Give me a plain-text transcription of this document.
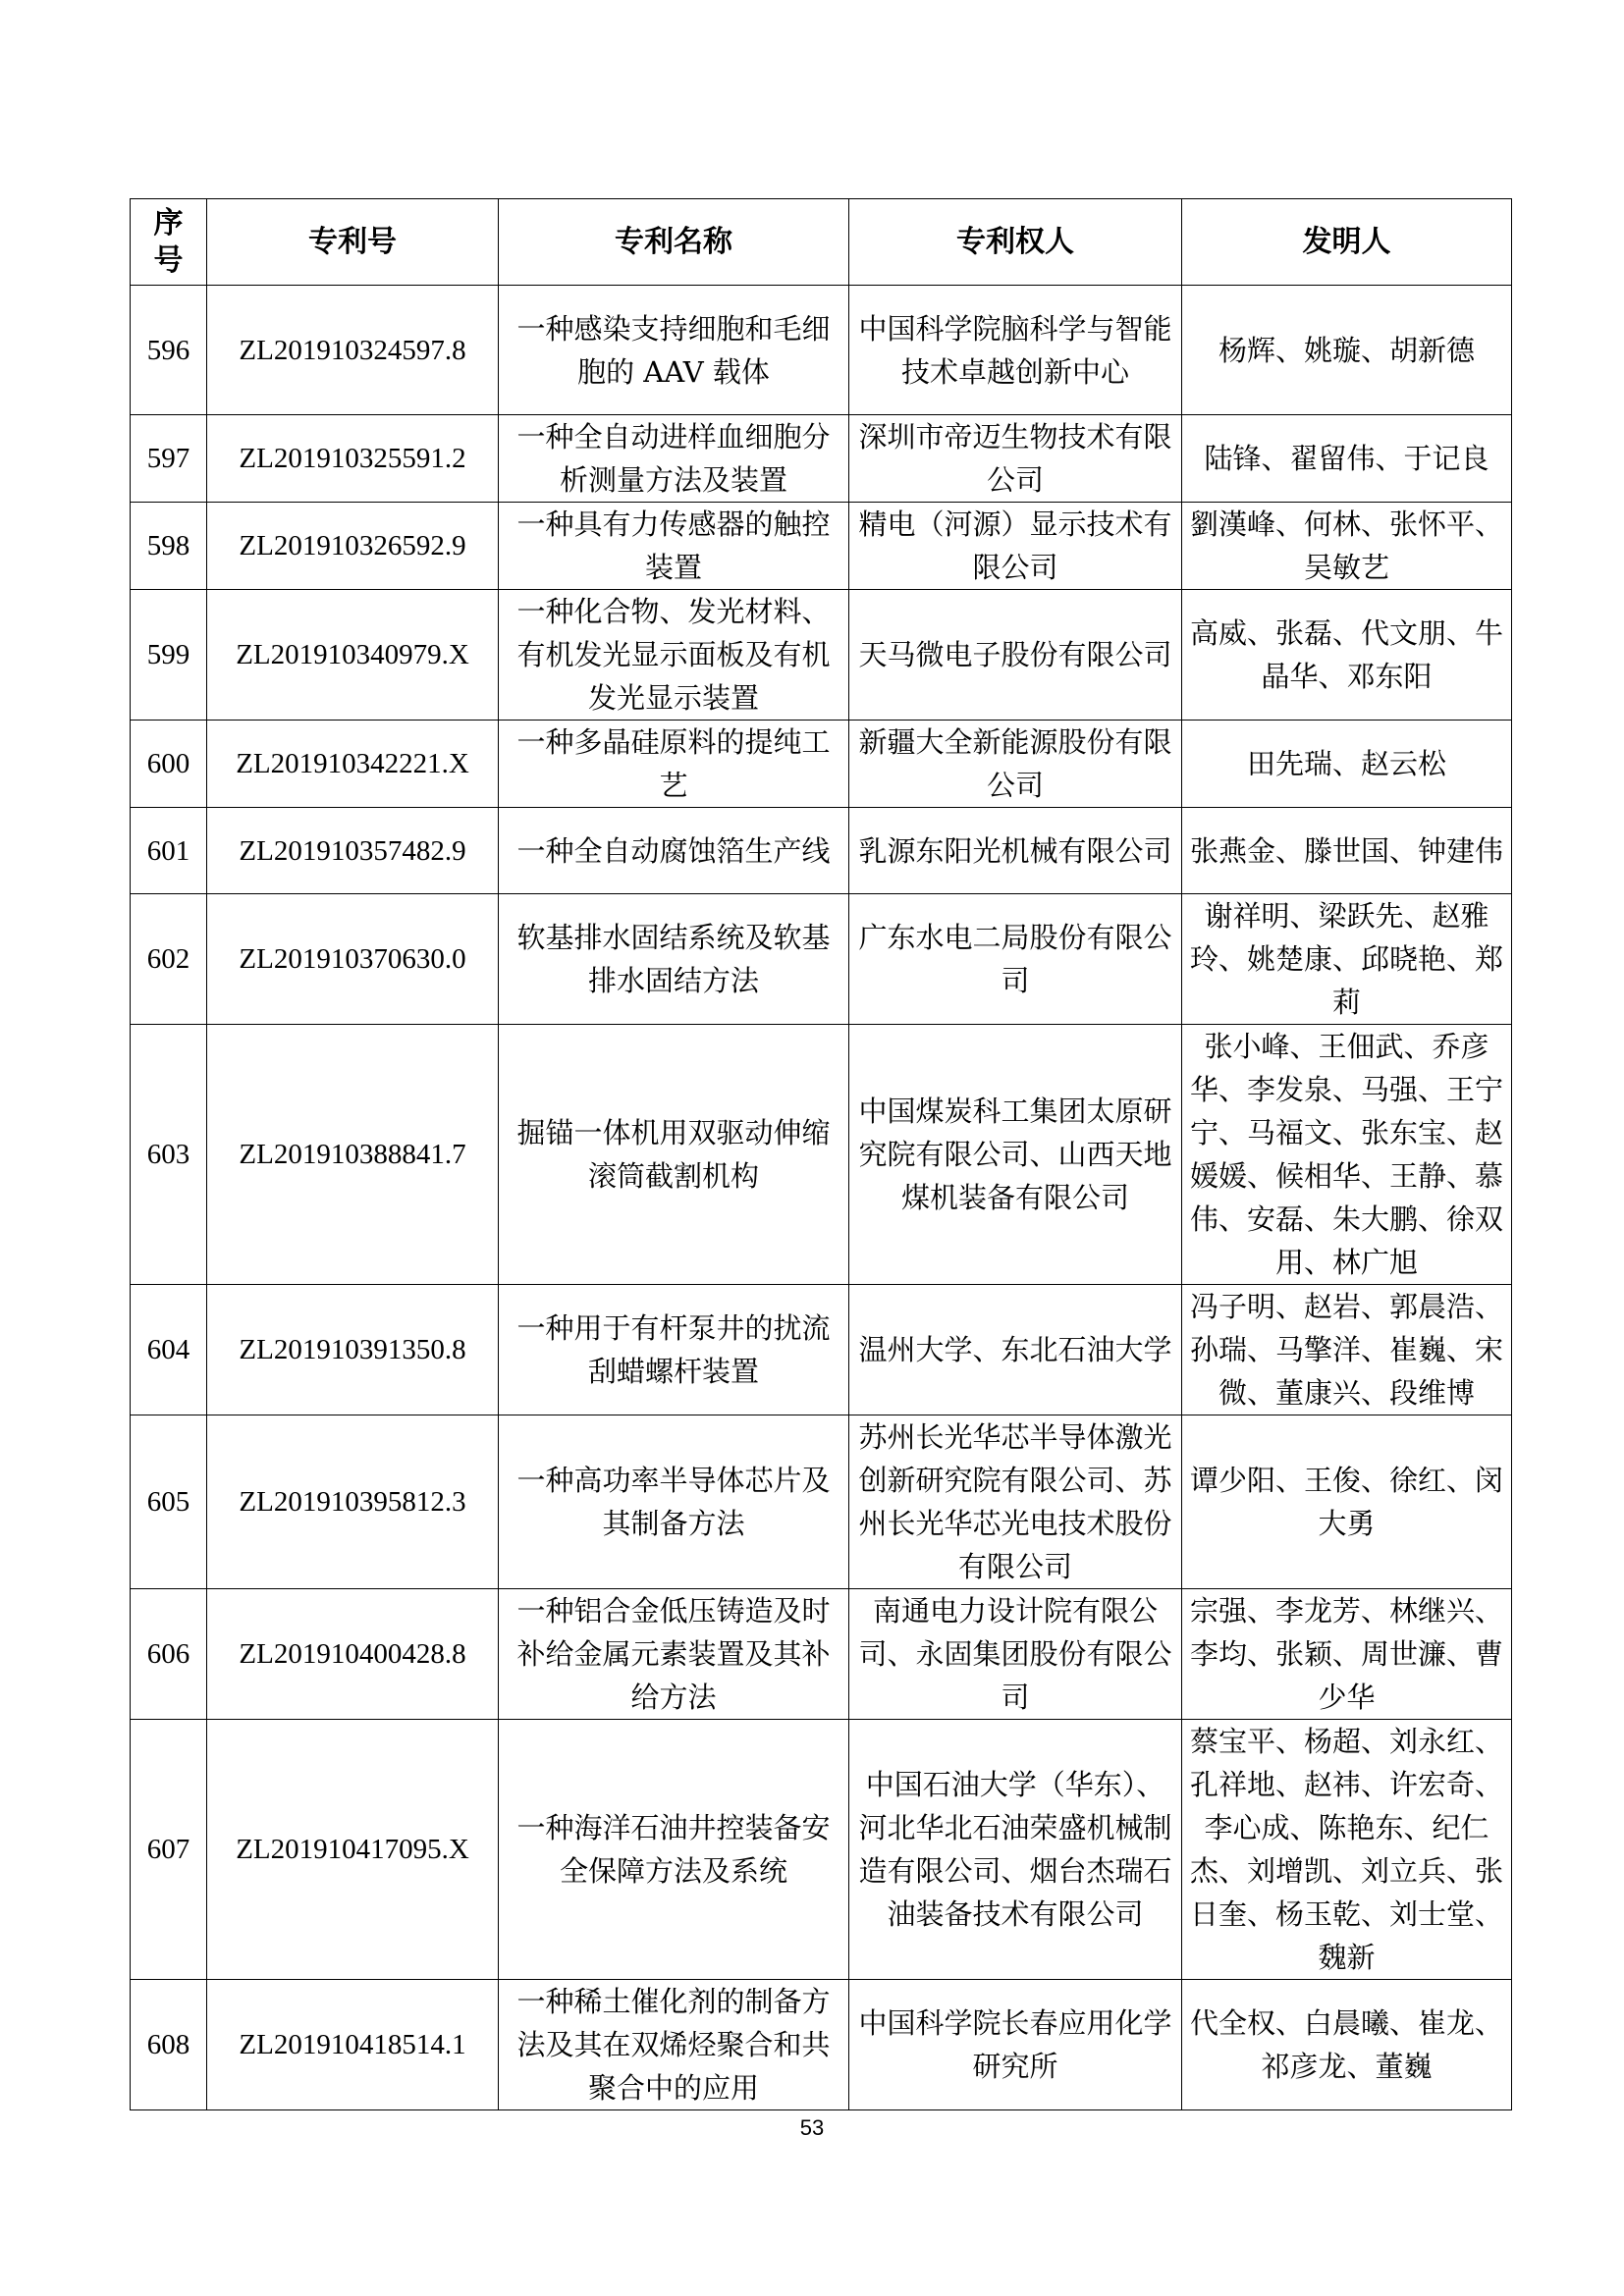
序
号	专利号	专利名称	专利权人	发明人
596	ZL201910324597.8	一种感染支持细胞和毛细胞的 AAV 载体	中国科学院脑科学与智能技术卓越创新中心	杨辉、姚璇、胡新德
597	ZL201910325591.2	一种全自动进样血细胞分析测量方法及装置	深圳市帝迈生物技术有限公司	陆锋、翟留伟、于记良
598	ZL201910326592.9	一种具有力传感器的触控装置	精电（河源）显示技术有限公司	劉漢峰、何林、张怀平、吴敏艺
599	ZL201910340979.X	一种化合物、发光材料、有机发光显示面板及有机发光显示装置	天马微电子股份有限公司	高威、张磊、代文朋、牛晶华、邓东阳
600	ZL201910342221.X	一种多晶硅原料的提纯工艺	新疆大全新能源股份有限公司	田先瑞、赵云松
601	ZL201910357482.9	一种全自动腐蚀箔生产线	乳源东阳光机械有限公司	张燕金、滕世国、钟建伟
602	ZL201910370630.0	软基排水固结系统及软基排水固结方法	广东水电二局股份有限公司	谢祥明、梁跃先、赵雅玲、姚楚康、邱晓艳、郑莉
603	ZL201910388841.7	掘锚一体机用双驱动伸缩滚筒截割机构	中国煤炭科工集团太原研究院有限公司、山西天地煤机装备有限公司	张小峰、王佃武、乔彦华、李发泉、马强、王宁宁、马福文、张东宝、赵媛媛、候相华、王静、慕伟、安磊、朱大鹏、徐双用、林广旭
604	ZL201910391350.8	一种用于有杆泵井的扰流刮蜡螺杆装置	温州大学、东北石油大学	冯子明、赵岩、郭晨浩、孙瑞、马擎洋、崔巍、宋微、董康兴、段维博
605	ZL201910395812.3	一种高功率半导体芯片及其制备方法	苏州长光华芯半导体激光创新研究院有限公司、苏州长光华芯光电技术股份有限公司	谭少阳、王俊、徐红、闵大勇
606	ZL201910400428.8	一种铝合金低压铸造及时补给金属元素装置及其补给方法	南通电力设计院有限公司、永固集团股份有限公司	宗强、李龙芳、林继兴、李均、张颖、周世濂、曹少华
607	ZL201910417095.X	一种海洋石油井控装备安全保障方法及系统	中国石油大学（华东）、河北华北石油荣盛机械制造有限公司、烟台杰瑞石油装备技术有限公司	蔡宝平、杨超、刘永红、孔祥地、赵祎、许宏奇、李心成、陈艳东、纪仁杰、刘增凯、刘立兵、张日奎、杨玉乾、刘士堂、魏新
608	ZL201910418514.1	一种稀土催化剂的制备方法及其在双烯烃聚合和共聚合中的应用	中国科学院长春应用化学研究所	代全权、白晨曦、崔龙、祁彦龙、董巍
53
